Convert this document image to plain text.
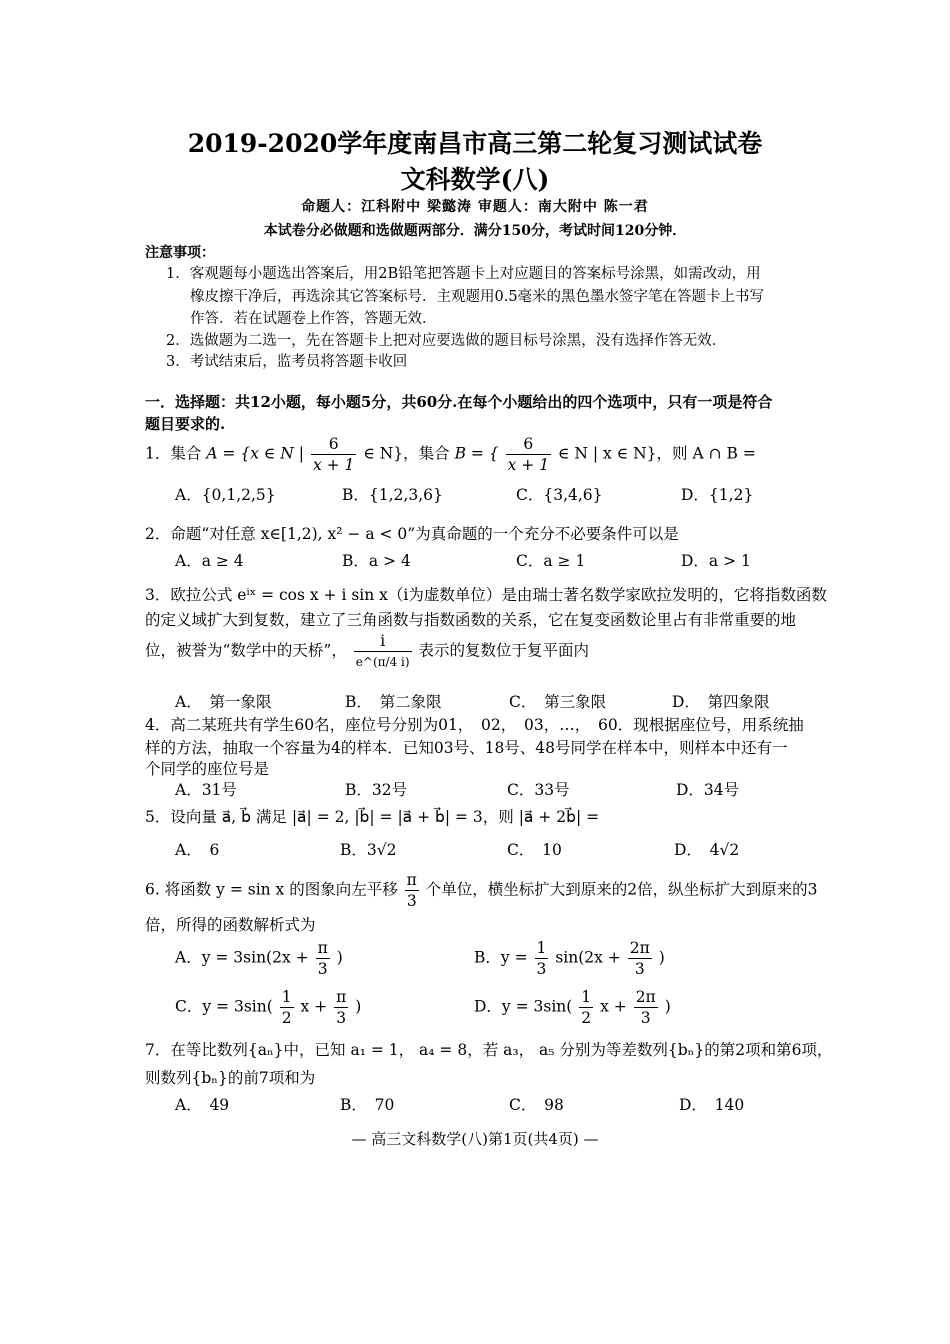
2019-2020学年度南昌市高三第二轮复习测试试卷
文科数学(八)
命题人：江科附中 梁懿涛 审题人：南大附中 陈一君
本试卷分必做题和选做题两部分．满分150分，考试时间120分钟．
注意事项：
1．客观题每小题选出答案后，用2B铅笔把答题卡上对应题目的答案标号涂黑，如需改动，用
橡皮擦干净后，再选涂其它答案标号．主观题用0.5毫米的黑色墨水签字笔在答题卡上书写
作答．若在试题卷上作答，答题无效．
2．选做题为二选一，先在答题卡上把对应要选做的题目标号涂黑，没有选择作答无效．
3．考试结束后，监考员将答题卡收回
一．选择题：共12小题，每小题5分，共60分.在每个小题给出的四个选项中，只有一项是符合
题目要求的.
1．集合 A = {x ∈ N | $\frac{6}{x + 1}$ ∈ N}，集合 B = { $\frac{6}{x + 1}$ ∈ N | x ∈ N}，则 A ∩ B =
A．{0,1,2,5}	B．{1,2,3,6}	C．{3,4,6}	D．{1,2}
2．命题“对任意 x∈[1,2), x² − a < 0”为真命题的一个充分不必要条件可以是
A．a ≥ 4	B．a > 4	C．a ≥ 1	D．a > 1
3．欧拉公式 eⁱˣ = cos x + i sin x（i为虚数单位）是由瑞士著名数学家欧拉发明的，它将指数函数
的定义域扩大到复数，建立了三角函数与指数函数的关系，它在复变函数论里占有非常重要的地
位，被誉为“数学中的天桥”， $\frac{i}{e\^{}(\pi/4 i)}$ 表示的复数位于复平面内
A．　第一象限	B．　第二象限	C．　第三象限	D．　第四象限
4．高二某班共有学生60名，座位号分别为01，　02，　03，…，　60．现根据座位号，用系统抽
样的方法，抽取一个容量为4的样本．已知03号、18号、48号同学在样本中，则样本中还有一
个同学的座位号是
A．31号	B．32号	C．33号	D．34号
5．设向量 a⃗, b⃗ 满足 |a⃗| = 2, |b⃗| = |a⃗ + b⃗| = 3，则 |a⃗ + 2b⃗| =
A．　6	B．3√2	C．　10	D．　4√2
6. 将函数 y = sin x 的图象向左平移 $\frac{\pi}{3}$ 个单位，横坐标扩大到原来的2倍，纵坐标扩大到原来的3
倍，所得的函数解析式为
A．$y = 3\sin(2x + \frac{\pi}{3}$ )	B．$y = \frac{1}{3} \sin(2x + \frac{2\pi}{3}$ )
C．$y = 3\sin( \frac{1}{2}$ $x + \frac{\pi}{3}$ )	D．$y = 3\sin( \frac{1}{2}$ $x + \frac{2\pi}{3}$ )
7．在等比数列{aₙ}中，已知 a₁ = 1， a₄ = 8，若 a₃， a₅ 分别为等差数列{bₙ}的第2项和第6项，
则数列{bₙ}的前7项和为
A．　49	B．　70	C．　98	D．　140
— 高三文科数学(八)第1页(共4页) —
